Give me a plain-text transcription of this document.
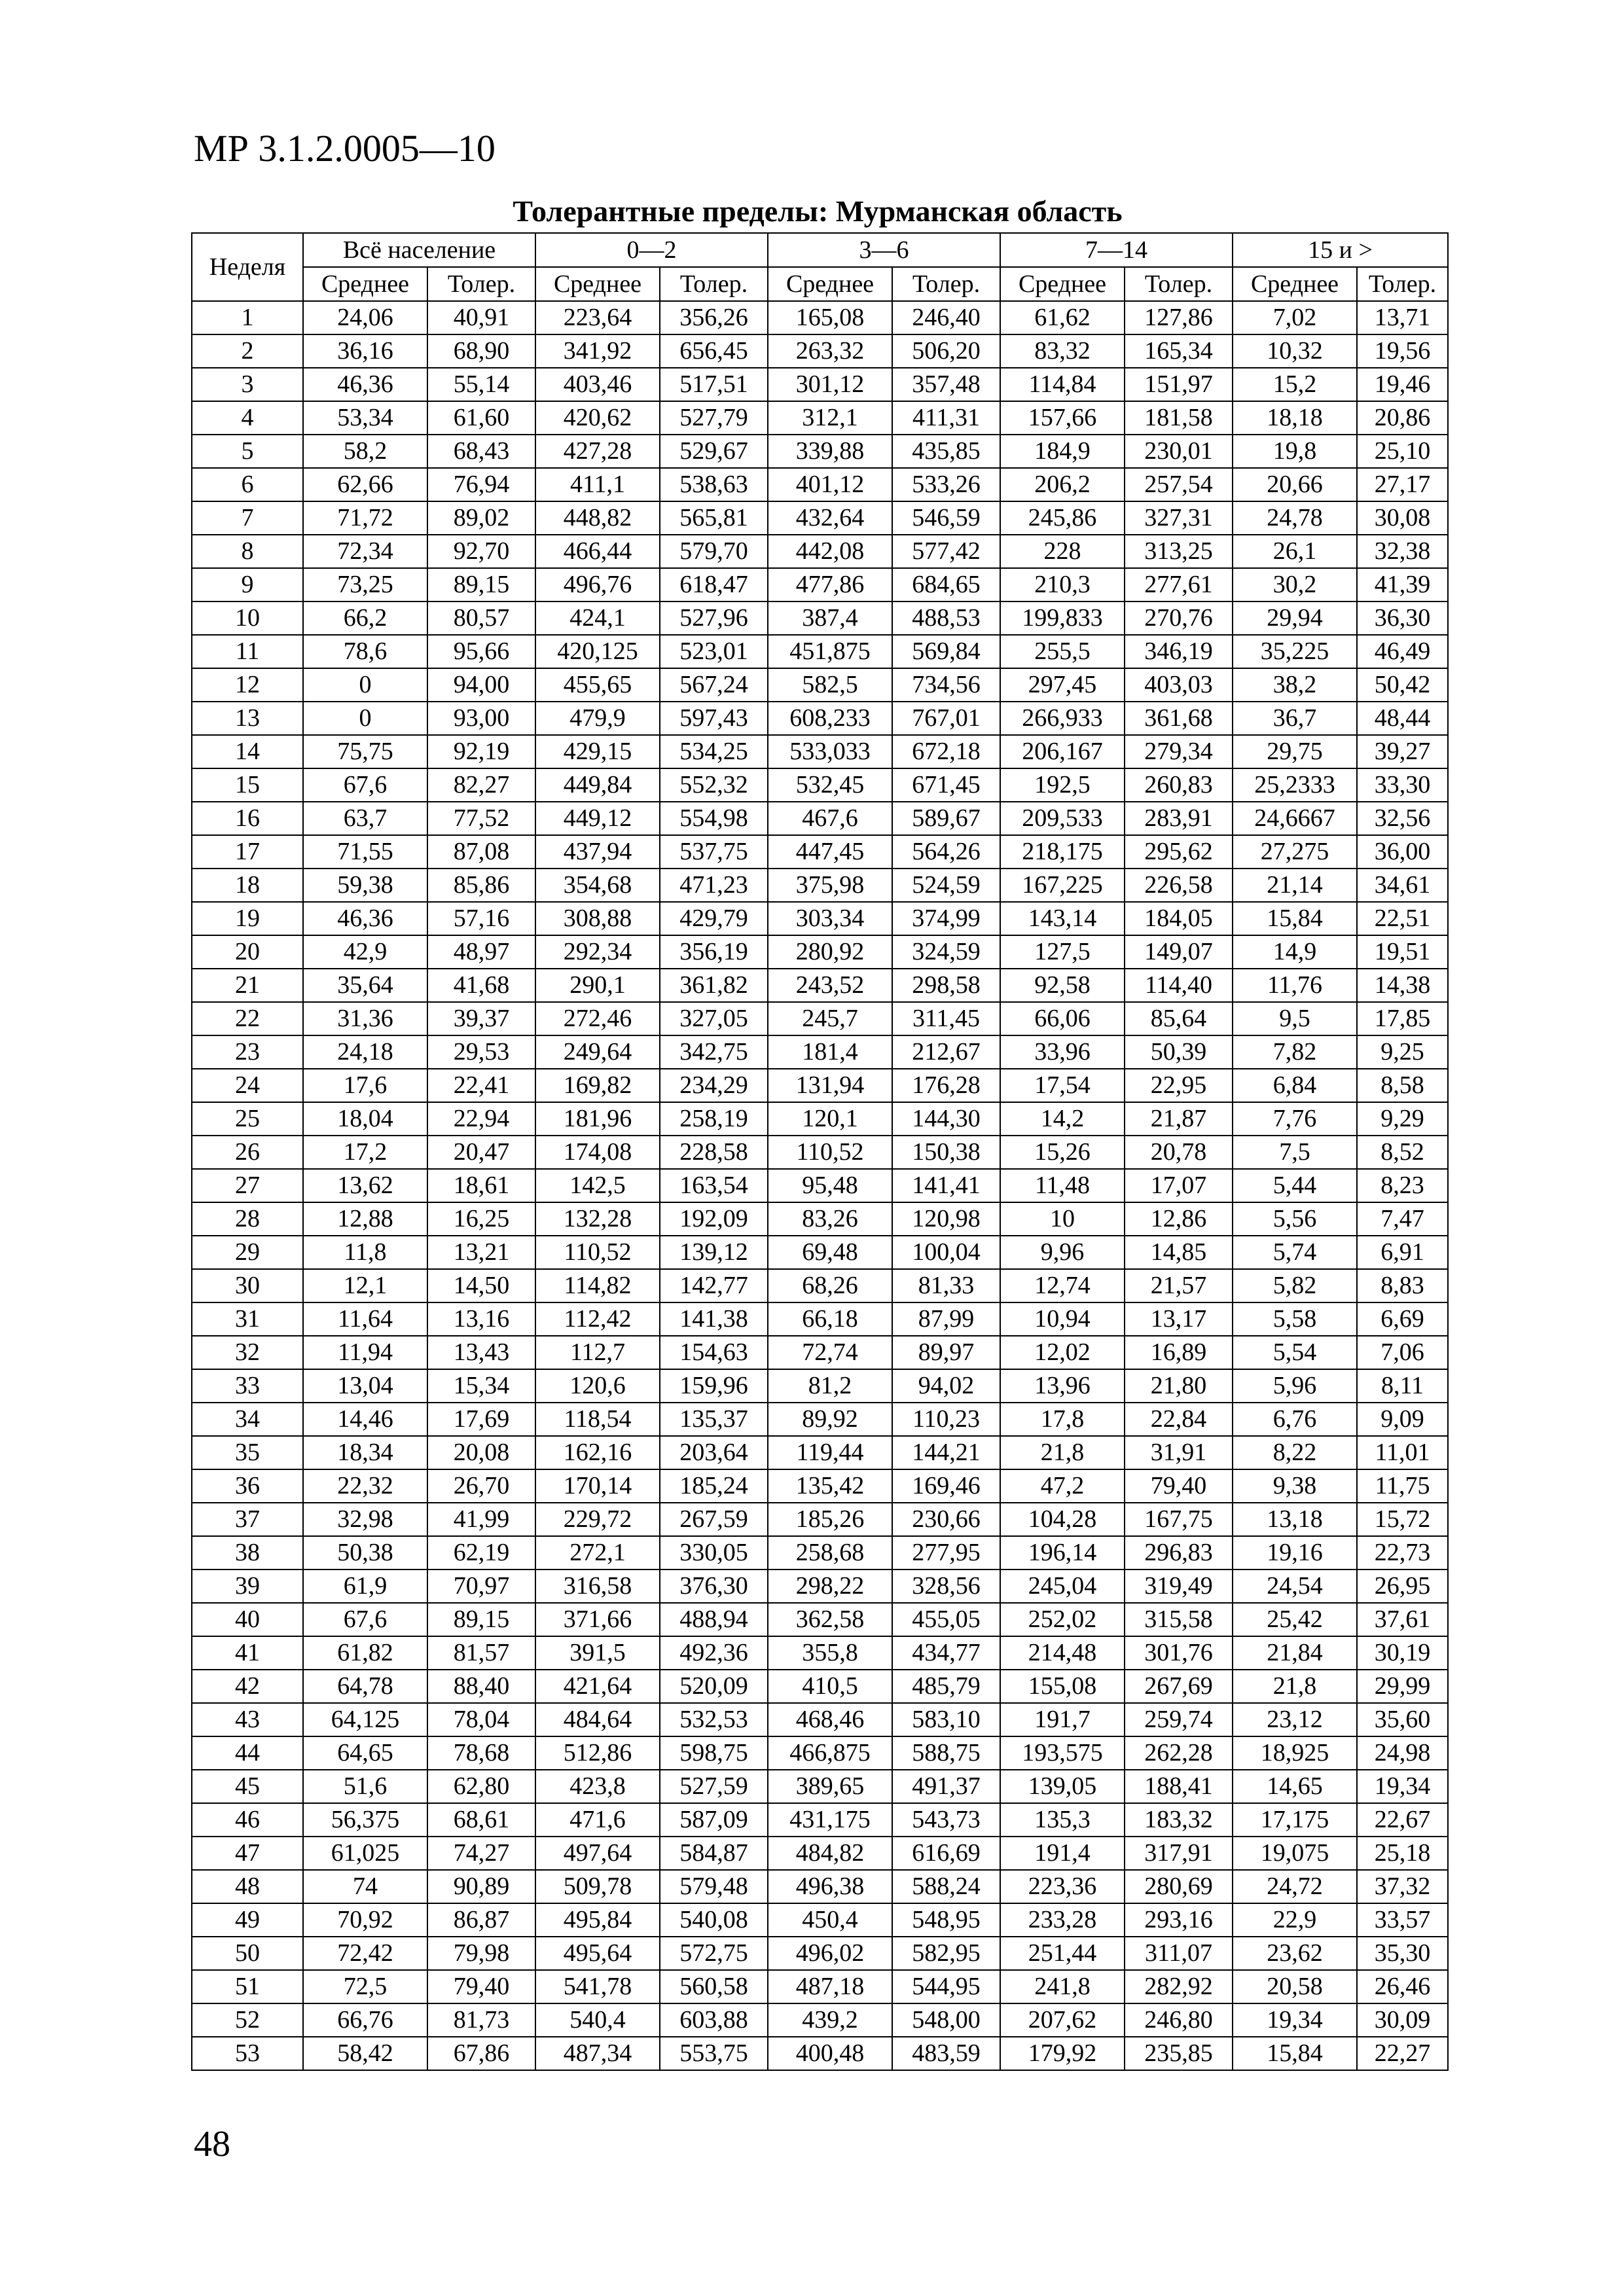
МР 3.1.2.0005—10
Толерантные пределы: Мурманская область
Неделя	Всё население		0—2		3—6		7—14		15 и >	
	Среднее	Толер.	Среднее	Толер.	Среднее	Толер.	Среднее	Толер.	Среднее	Толер.
1	24,06	40,91	223,64	356,26	165,08	246,40	61,62	127,86	7,02	13,71
2	36,16	68,90	341,92	656,45	263,32	506,20	83,32	165,34	10,32	19,56
3	46,36	55,14	403,46	517,51	301,12	357,48	114,84	151,97	15,2	19,46
4	53,34	61,60	420,62	527,79	312,1	411,31	157,66	181,58	18,18	20,86
5	58,2	68,43	427,28	529,67	339,88	435,85	184,9	230,01	19,8	25,10
6	62,66	76,94	411,1	538,63	401,12	533,26	206,2	257,54	20,66	27,17
7	71,72	89,02	448,82	565,81	432,64	546,59	245,86	327,31	24,78	30,08
8	72,34	92,70	466,44	579,70	442,08	577,42	228	313,25	26,1	32,38
9	73,25	89,15	496,76	618,47	477,86	684,65	210,3	277,61	30,2	41,39
10	66,2	80,57	424,1	527,96	387,4	488,53	199,833	270,76	29,94	36,30
11	78,6	95,66	420,125	523,01	451,875	569,84	255,5	346,19	35,225	46,49
12	0	94,00	455,65	567,24	582,5	734,56	297,45	403,03	38,2	50,42
13	0	93,00	479,9	597,43	608,233	767,01	266,933	361,68	36,7	48,44
14	75,75	92,19	429,15	534,25	533,033	672,18	206,167	279,34	29,75	39,27
15	67,6	82,27	449,84	552,32	532,45	671,45	192,5	260,83	25,2333	33,30
16	63,7	77,52	449,12	554,98	467,6	589,67	209,533	283,91	24,6667	32,56
17	71,55	87,08	437,94	537,75	447,45	564,26	218,175	295,62	27,275	36,00
18	59,38	85,86	354,68	471,23	375,98	524,59	167,225	226,58	21,14	34,61
19	46,36	57,16	308,88	429,79	303,34	374,99	143,14	184,05	15,84	22,51
20	42,9	48,97	292,34	356,19	280,92	324,59	127,5	149,07	14,9	19,51
21	35,64	41,68	290,1	361,82	243,52	298,58	92,58	114,40	11,76	14,38
22	31,36	39,37	272,46	327,05	245,7	311,45	66,06	85,64	9,5	17,85
23	24,18	29,53	249,64	342,75	181,4	212,67	33,96	50,39	7,82	9,25
24	17,6	22,41	169,82	234,29	131,94	176,28	17,54	22,95	6,84	8,58
25	18,04	22,94	181,96	258,19	120,1	144,30	14,2	21,87	7,76	9,29
26	17,2	20,47	174,08	228,58	110,52	150,38	15,26	20,78	7,5	8,52
27	13,62	18,61	142,5	163,54	95,48	141,41	11,48	17,07	5,44	8,23
28	12,88	16,25	132,28	192,09	83,26	120,98	10	12,86	5,56	7,47
29	11,8	13,21	110,52	139,12	69,48	100,04	9,96	14,85	5,74	6,91
30	12,1	14,50	114,82	142,77	68,26	81,33	12,74	21,57	5,82	8,83
31	11,64	13,16	112,42	141,38	66,18	87,99	10,94	13,17	5,58	6,69
32	11,94	13,43	112,7	154,63	72,74	89,97	12,02	16,89	5,54	7,06
33	13,04	15,34	120,6	159,96	81,2	94,02	13,96	21,80	5,96	8,11
34	14,46	17,69	118,54	135,37	89,92	110,23	17,8	22,84	6,76	9,09
35	18,34	20,08	162,16	203,64	119,44	144,21	21,8	31,91	8,22	11,01
36	22,32	26,70	170,14	185,24	135,42	169,46	47,2	79,40	9,38	11,75
37	32,98	41,99	229,72	267,59	185,26	230,66	104,28	167,75	13,18	15,72
38	50,38	62,19	272,1	330,05	258,68	277,95	196,14	296,83	19,16	22,73
39	61,9	70,97	316,58	376,30	298,22	328,56	245,04	319,49	24,54	26,95
40	67,6	89,15	371,66	488,94	362,58	455,05	252,02	315,58	25,42	37,61
41	61,82	81,57	391,5	492,36	355,8	434,77	214,48	301,76	21,84	30,19
42	64,78	88,40	421,64	520,09	410,5	485,79	155,08	267,69	21,8	29,99
43	64,125	78,04	484,64	532,53	468,46	583,10	191,7	259,74	23,12	35,60
44	64,65	78,68	512,86	598,75	466,875	588,75	193,575	262,28	18,925	24,98
45	51,6	62,80	423,8	527,59	389,65	491,37	139,05	188,41	14,65	19,34
46	56,375	68,61	471,6	587,09	431,175	543,73	135,3	183,32	17,175	22,67
47	61,025	74,27	497,64	584,87	484,82	616,69	191,4	317,91	19,075	25,18
48	74	90,89	509,78	579,48	496,38	588,24	223,36	280,69	24,72	37,32
49	70,92	86,87	495,84	540,08	450,4	548,95	233,28	293,16	22,9	33,57
50	72,42	79,98	495,64	572,75	496,02	582,95	251,44	311,07	23,62	35,30
51	72,5	79,40	541,78	560,58	487,18	544,95	241,8	282,92	20,58	26,46
52	66,76	81,73	540,4	603,88	439,2	548,00	207,62	246,80	19,34	30,09
53	58,42	67,86	487,34	553,75	400,48	483,59	179,92	235,85	15,84	22,27
48
